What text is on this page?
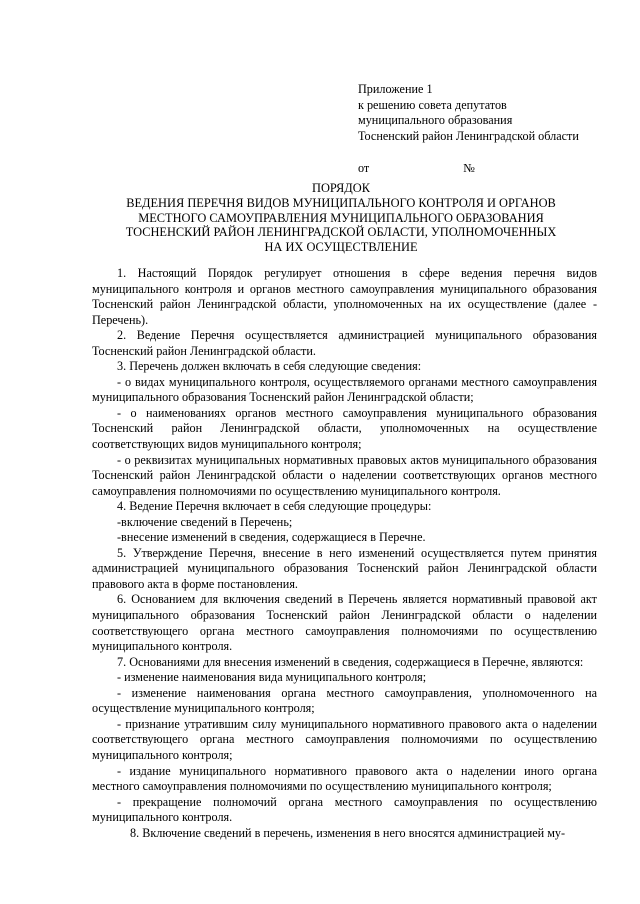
Приложение 1
к решению совета депутатов
муниципального образования
Тосненский район Ленинградской области
от	№
ПОРЯДОК
ВЕДЕНИЯ ПЕРЕЧНЯ ВИДОВ МУНИЦИПАЛЬНОГО КОНТРОЛЯ И ОРГАНОВ
МЕСТНОГО САМОУПРАВЛЕНИЯ МУНИЦИПАЛЬНОГО ОБРАЗОВАНИЯ
ТОСНЕНСКИЙ РАЙОН ЛЕНИНГРАДСКОЙ ОБЛАСТИ, УПОЛНОМОЧЕННЫХ
НА ИХ ОСУЩЕСТВЛЕНИЕ

1. Настоящий Порядок регулирует отношения в сфере ведения перечня видов муниципального контроля и органов местного самоуправления муниципального образования Тосненский район Ленинградской области, уполномоченных на их осуществление (далее - Перечень).

2. Ведение Перечня осуществляется администрацией муниципального образования Тосненский район Ленинградской области.

3. Перечень должен включать в себя следующие сведения:

- о видах муниципального контроля, осуществляемого органами местного самоуправления муниципального образования Тосненский район Ленинградской области;

- о наименованиях органов местного самоуправления муниципального образования Тосненский район Ленинградской области, уполномоченных на осуществление соответствующих видов муниципального контроля;

- о реквизитах муниципальных нормативных правовых актов муниципального образования Тосненский район Ленинградской области о наделении соответствующих органов местного самоуправления полномочиями по осуществлению муниципального контроля.

4. Ведение Перечня включает в себя следующие процедуры:

-включение сведений в Перечень;

-внесение изменений в сведения, содержащиеся в Перечне.

5. Утверждение Перечня, внесение в него изменений осуществляется путем принятия администрацией муниципального образования Тосненский район Ленинградской области правового акта в форме постановления.

6. Основанием для включения сведений в Перечень является нормативный правовой акт муниципального образования Тосненский район Ленинградской области о наделении соответствующего органа местного самоуправления полномочиями по осуществлению муниципального контроля.

7. Основаниями для внесения изменений в сведения, содержащиеся в Перечне, являются:

- изменение наименования вида муниципального контроля;

- изменение наименования органа местного самоуправления, уполномоченного на осуществление муниципального контроля;

- признание утратившим силу муниципального нормативного правового акта о наделении соответствующего органа местного самоуправления полномочиями по осуществлению муниципального контроля;

- издание муниципального нормативного правового акта о наделении иного органа местного самоуправления полномочиями по осуществлению муниципального контроля;

- прекращение полномочий органа местного самоуправления по осуществлению муниципального контроля.

8. Включение сведений в перечень, изменения в него вносятся администрацией му-
